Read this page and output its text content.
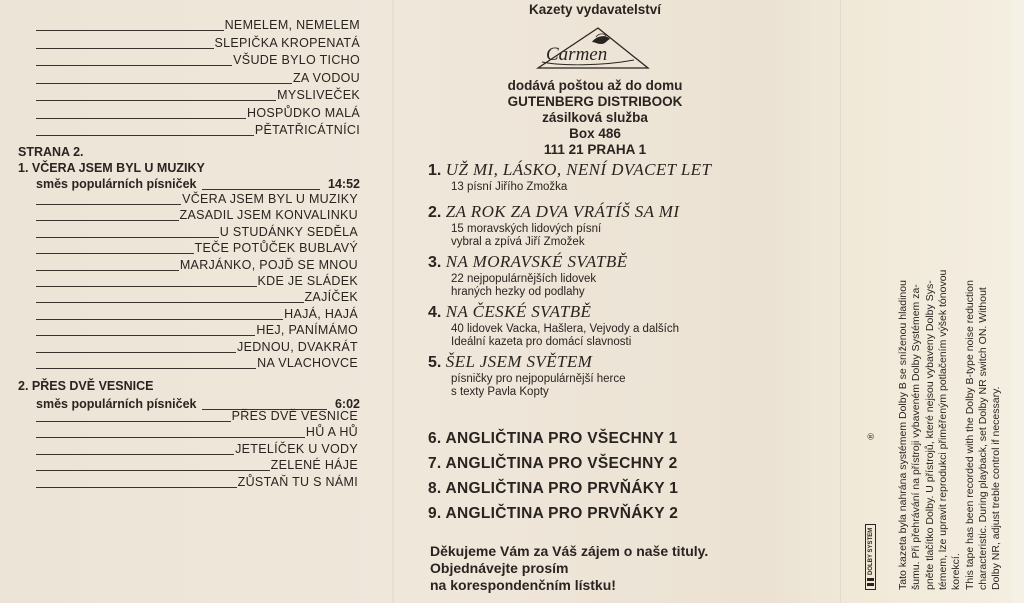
NEMELEM, NEMELEM
SLEPIČKA KROPENATÁ
VŠUDE BYLO TICHO
ZA VODOU
MYSLIVEČEK
HOSPŮDKO MALÁ
PĚTATŘICÁTNÍCI
STRANA 2.
1. VČERA JSEM BYL U MUZIKY
směs populárních písniček	14:52
VČERA JSEM BYL U MUZIKY
ZASADIL JSEM KONVALINKU
U STUDÁNKY SEDĚLA
TEČE POTŮČEK BUBLAVÝ
MARJÁNKO, POJĎ SE MNOU
KDE JE SLÁDEK
ZAJÍČEK
HAJÁ, HAJÁ
HEJ, PANÍMÁMO
JEDNOU, DVAKRÁT
NA VLACHOVCE
2. PŘES DVĚ VESNICE
směs populárních písniček	6:02
PŘES DVĚ VESNICE
HŮ A HŮ
JETELÍČEK U VODY
ZELENÉ HÁJE
ZŮSTAŇ TU S NÁMI
Kazety vydavatelství
Carmen
dodává poštou až do domu
GUTENBERG DISTRIBOOK
zásilková služba
Box 486
111 21 PRAHA 1
1. UŽ MI, LÁSKO, NENÍ DVACET LET
13 písní Jiřího Zmožka
2. ZA ROK ZA DVA VRÁTÍŠ SA MI
15 moravských lidových písní
vybral a zpívá Jiří Zmožek
3. NA MORAVSKÉ SVATBĚ
22 nejpopulárnějších lidovek
hraných hezky od podlahy
4. NA ČESKÉ SVATBĚ
40 lidovek Vacka, Hašlera, Vejvody a dalších
Ideální kazeta pro domácí slavnosti
5. ŠEL JSEM SVĚTEM
písničky pro nejpopulárnější herce
s texty Pavla Kopty
6. ANGLIČTINA PRO VŠECHNY 1
7. ANGLIČTINA PRO VŠECHNY 2
8. ANGLIČTINA PRO PRVŇÁKY 1
9. ANGLIČTINA PRO PRVŇÁKY 2
Děkujeme Vám za Váš zájem o naše tituly.
Objednávejte prosím
na korespondenčním lístku!
DOLBY SYSTEM
® Tato kazeta byla nahrána systémem Dolby B se sníženou hladinou šumu. Při přehrávání na přístroji vybaveném Dolby Systémem za- pněte tlačítko Dolby. U přístrojů, které nejsou vybaveny Dolby Sys- témem, lze upravit reprodukci přiměřeným potlačením výšek tónovou korekcí. This tape has been recorded with the Dolby B-type noise reduction characteristic. During playback, set Dolby NR switch ON. Without Dolby NR, adjust treble control if necessary.
